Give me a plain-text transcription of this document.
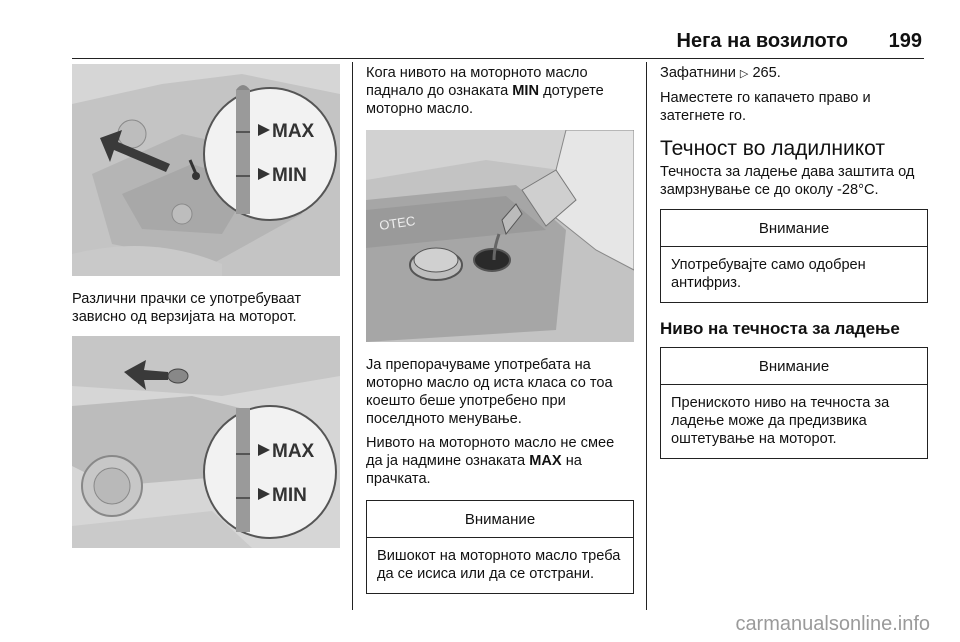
Нега на возилото 199
MAX
MIN

Различни прачки се употребуваат зависно од верзијата на моторот.

MAX
MIN

Кога нивото на моторното масло паднало до ознаката MIN дотурете моторно масло.

OTEC

Ја препорачуваме употребата на моторно масло од иста класа со тоа коешто беше употребено при поселдното менување.

Нивото на моторното масло не смее да ја надмине ознаката MAX на прачката.

Внимание
Вишокот на моторното масло треба да се исиса или да се отстрани.

Зафатнини ▷ 265.

Наместете го капачето право и затегнете го.

Течност во ладилникот

Течноста за ладење дава заштита од замрзнување се до околу -28°C.

Внимание
Употребувајте само одобрен антифриз.
Ниво на течноста за ладење
Внимание
Прениското ниво на течноста за ладење може да предизвика оштетување на моторот.
carmanualsonline.info
